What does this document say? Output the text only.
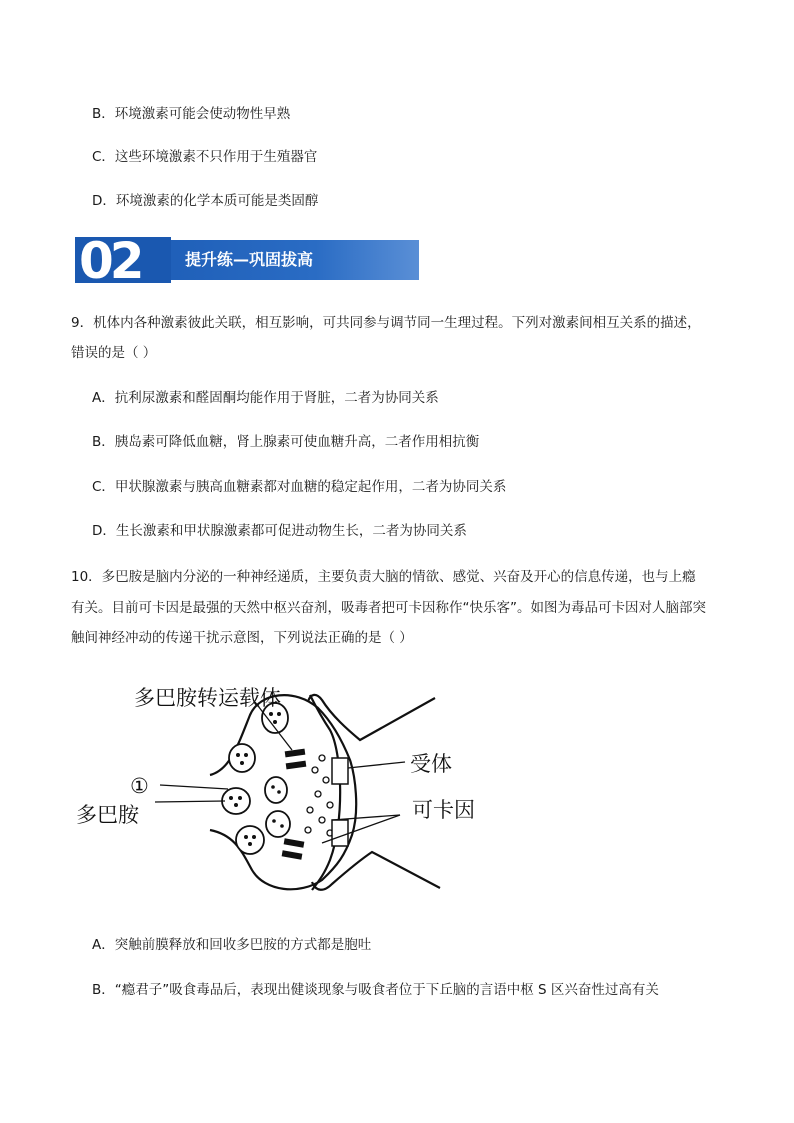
B．环境激素可能会使动物性早熟
C．这些环境激素不只作用于生殖器官
D．环境激素的化学本质可能是类固醇
02	提升练—巩固拔高
9．机体内各种激素彼此关联，相互影响，可共同参与调节同一生理过程。下列对激素间相互关系的描述，
错误的是（ ）
A．抗利尿激素和醛固酮均能作用于肾脏，二者为协同关系
B．胰岛素可降低血糖，肾上腺素可使血糖升高，二者作用相抗衡
C．甲状腺激素与胰高血糖素都对血糖的稳定起作用，二者为协同关系
D．生长激素和甲状腺激素都可促进动物生长，二者为协同关系
10．多巴胺是脑内分泌的一种神经递质，主要负责大脑的情欲、感觉、兴奋及开心的信息传递，也与上瘾
有关。目前可卡因是最强的天然中枢兴奋剂，吸毒者把可卡因称作“快乐客”。如图为毒品可卡因对人脑部突
触间神经冲动的传递干扰示意图，下列说法正确的是（ ）
多巴胺转运载体
受体
①
多巴胺	可卡因
A．突触前膜释放和回收多巴胺的方式都是胞吐
B．“瘾君子”吸食毒品后，表现出健谈现象与吸食者位于下丘脑的言语中枢 S 区兴奋性过高有关
